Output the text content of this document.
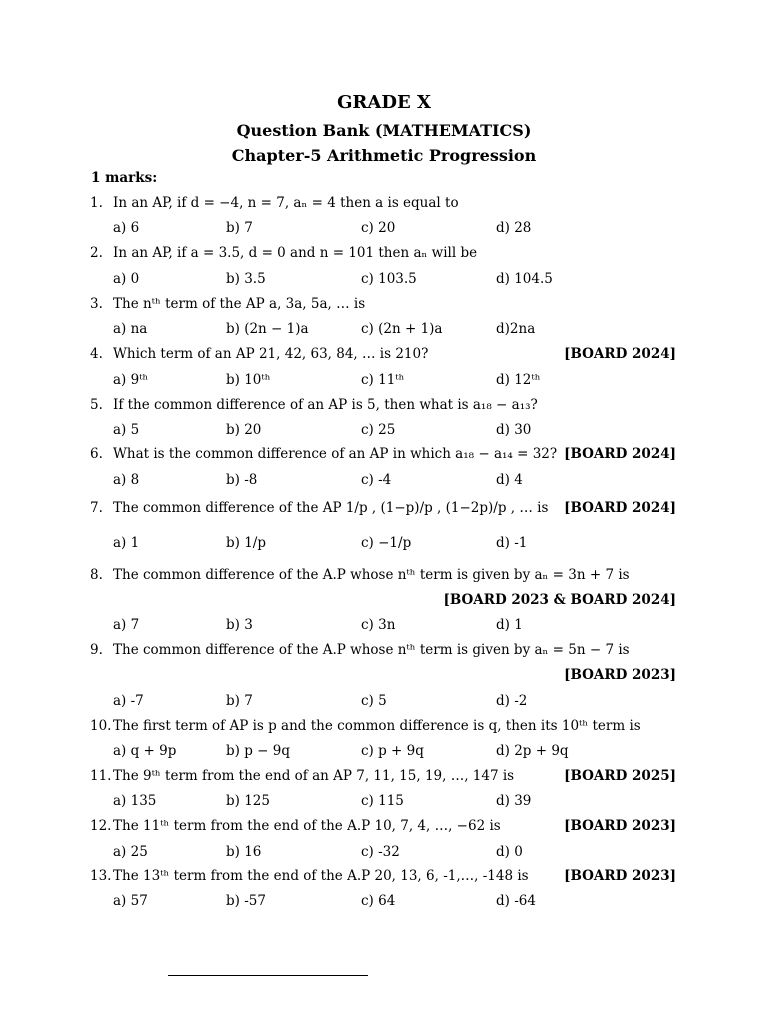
GRADE X
Question Bank (MATHEMATICS)
Chapter-5 Arithmetic Progression
1 marks:
1. In an AP, if d = −4, n = 7, aₙ = 4 then a is equal to
a) 6	b) 7	c) 20	d) 28
2. In an AP, if a = 3.5, d = 0 and n = 101 then aₙ will be
a) 0	b) 3.5	c) 103.5	d) 104.5
3. The nᵗʰ term of the AP a, 3a, 5a, … is
a) na	b) (2n − 1)a	c) (2n + 1)a	d)2na
4. Which term of an AP 21, 42, 63, 84, … is 210?	[BOARD 2024]
a) 9ᵗʰ	b) 10ᵗʰ	c) 11ᵗʰ	d) 12ᵗʰ
5. If the common difference of an AP is 5, then what is a₁₈ − a₁₃?
a) 5	b) 20	c) 25	d) 30
6. What is the common difference of an AP in which a₁₈ − a₁₄ = 32? [BOARD 2024]
a) 8	b) -8	c) -4	d) 4
7. The common difference of the AP 1/p , (1−p)/p , (1−2p)/p , … is [BOARD 2024]
a) 1	b) 1/p	c) −1/p	d) -1
8. The common difference of the A.P whose nᵗʰ term is given by aₙ = 3n + 7 is
[BOARD 2023 & BOARD 2024]
a) 7	b) 3	c) 3n	d) 1
9. The common difference of the A.P whose nᵗʰ term is given by aₙ = 5n − 7 is
[BOARD 2023]
a) -7	b) 7	c) 5	d) -2
10. The first term of AP is p and the common difference is q, then its 10ᵗʰ term is
a) q + 9p	b) p − 9q	c) p + 9q	d) 2p + 9q
11. The 9ᵗʰ term from the end of an AP 7, 11, 15, 19, …, 147 is	[BOARD 2025]
a) 135	b) 125	c) 115	d) 39
12. The 11ᵗʰ term from the end of the A.P 10, 7, 4, …, −62 is	[BOARD 2023]
a) 25	b) 16	c) -32	d) 0
13. The 13ᵗʰ term from the end of the A.P 20, 13, 6, -1,…, -148 is	[BOARD 2023]
a) 57	b) -57	c) 64	d) -64
